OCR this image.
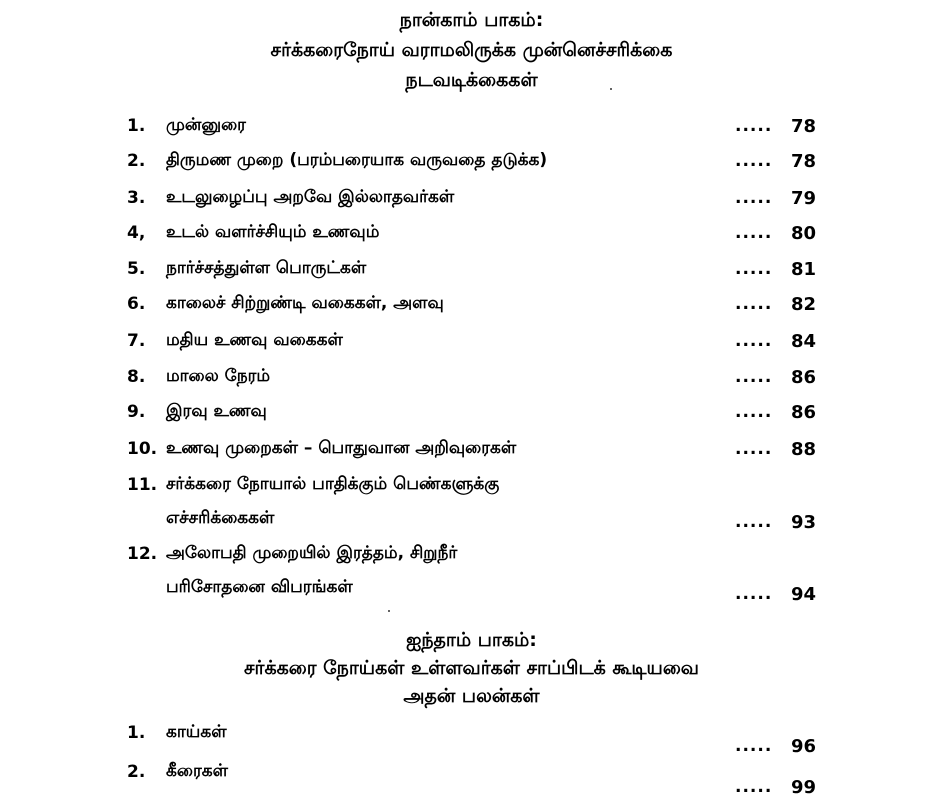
நான்காம் பாகம்:
சர்க்கரைநோய் வராமலிருக்க முன்னெச்சரிக்கை
நடவடிக்கைகள்
1. முன்னுரை	.....	78
2. திருமண முறை (பரம்பரையாக வருவதை தடுக்க)	.....	78
3. உடலுழைப்பு அறவே இல்லாதவர்கள்	.....	79
4, உடல் வளர்ச்சியும் உணவும்	.....	80
5. நார்ச்சத்துள்ள பொருட்கள்	.....	81
6. காலைச் சிற்றுண்டி வகைகள், அளவு	.....	82
7. மதிய உணவு வகைகள்	.....	84
8. மாலை நேரம்	.....	86
9. இரவு உணவு	.....	86
10. உணவு முறைகள் – பொதுவான அறிவுரைகள்	.....	88
11. சர்க்கரை நோயால் பாதிக்கும் பெண்களுக்கு
எச்சரிக்கைகள்	.....	93
12. அலோபதி முறையில் இரத்தம், சிறுநீர்
பரிசோதனை விபரங்கள்	.....	94
ஐந்தாம் பாகம்:
சர்க்கரை நோய்கள் உள்ளவர்கள் சாப்பிடக் கூடியவை
அதன் பலன்கள்
1. காய்கள்
.....	96
2. கீரைகள்
.....	99
